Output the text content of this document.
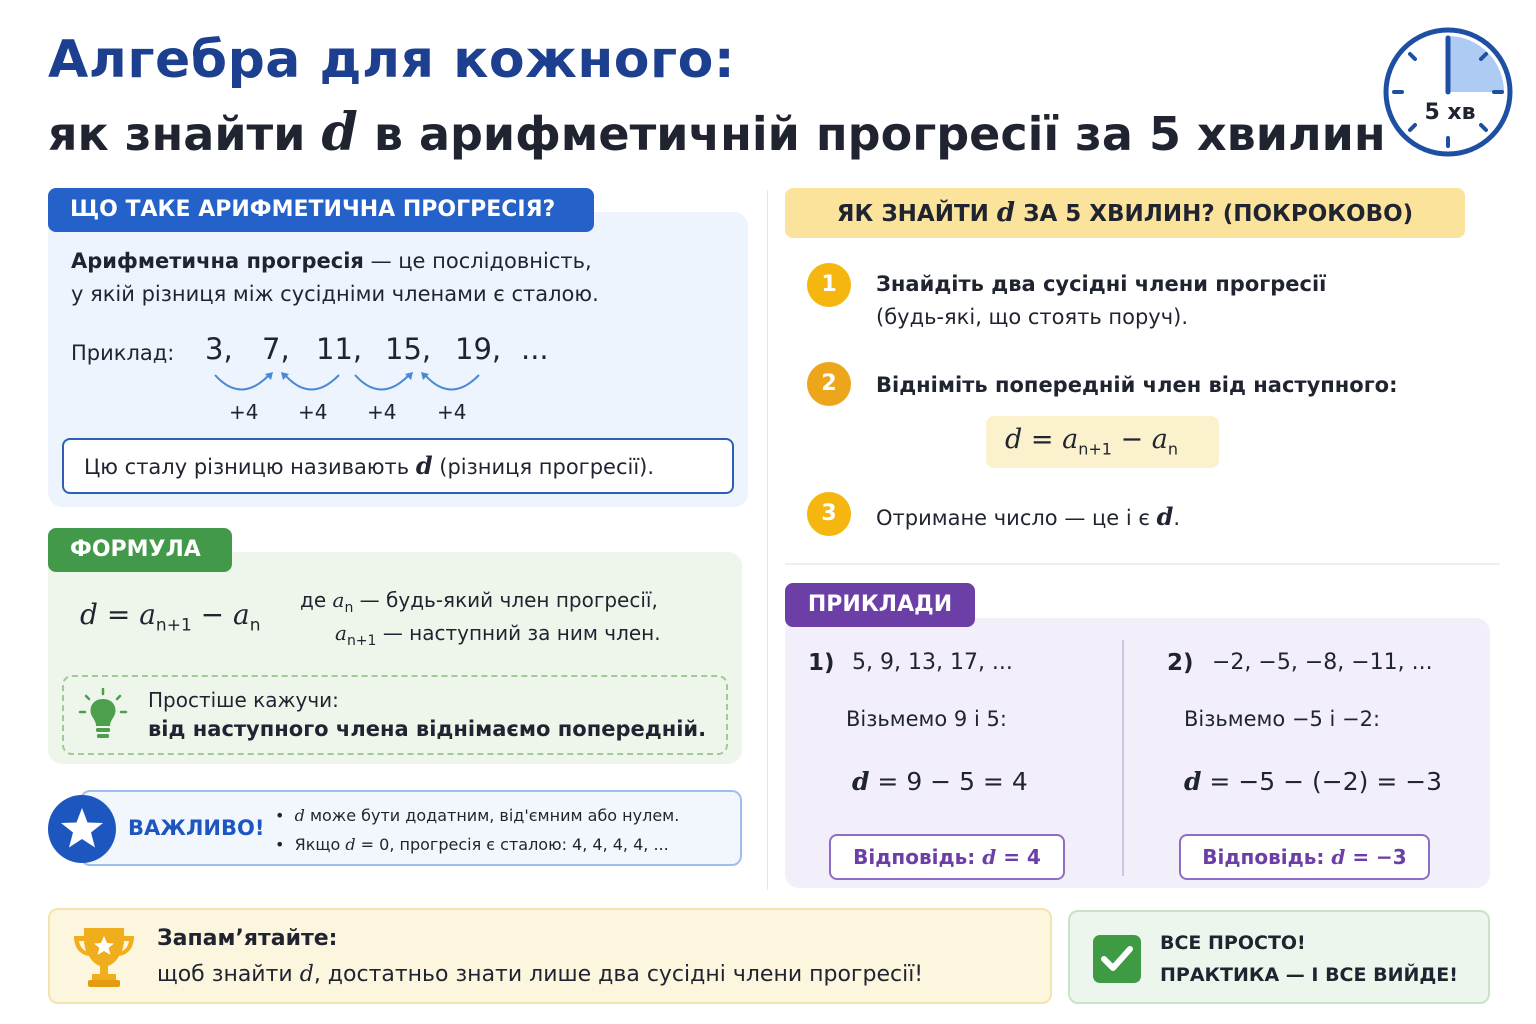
Алгебра для кожного:
як знайти d в арифметичній прогресії за 5 хвилин 5 хв
ЩО ТАКЕ АРИФМЕТИЧНА ПРОГРЕСІЯ?
Арифметична прогресія — це послідовність,
у якій різниця між сусідніми членами є сталою.
Приклад: 3, 7, 11, 15, 19, ...
+4 +4 +4 +4
Цю сталу різницю називають d (різниця прогресії).
ФОРМУЛА
$d = a_{n+1} - a_n$
де $a_n$ — будь-який член прогресії,
$a_{n+1}$ — наступний за ним член.
Простіше кажучи:
від наступного члена віднімаємо попередній.
ВАЖЛИВО!
• d може бути додатним, від'ємним або нулем.
• Якщо d = 0, прогресія є сталою: 4, 4, 4, 4, ...
ЯК ЗНАЙТИ d ЗА 5 ХВИЛИН? (ПОКРОКОВО)
1	Знайдіть два сусідні члени прогресії
(будь-які, що стоять поруч).
2	Відніміть попередній член від наступного:
$d = a_{n+1} - a_n$
3	Отримане число — це і є d.
ПРИКЛАДИ
1) 5, 9, 13, 17, ...
Візьмемо 9 і 5:
d = 9 − 5 = 4
Відповідь: d = 4
2) −2, −5, −8, −11, ...
Візьмемо −5 і −2:
d = −5 − (−2) = −3
Відповідь: d = −3
Запам’ятайте:
щоб знайти d, достатньо знати лише два сусідні члени прогресії!
ВСЕ ПРОСТО!
ПРАКТИКА — І ВСЕ ВИЙДЕ!
